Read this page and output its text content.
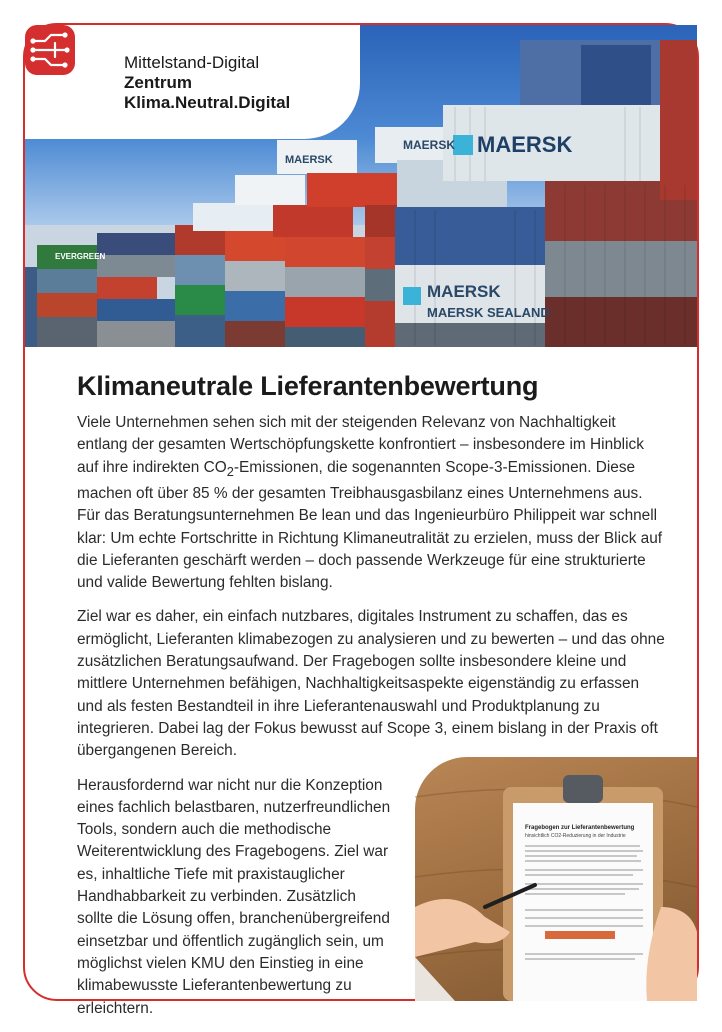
MAERSK
MAERSK
MAERSK
MAERSK
MAERSK SEALAND
EVERGREEN
Mittelstand-Digital
Zentrum
Klima.Neutral.Digital
Fragebogen zur Lieferantenbewertung
hinsichtlich CO2-Reduzierung in der Industrie
Klimaneutrale Lieferantenbewertung

Viele Unternehmen sehen sich mit der steigenden Relevanz von Nachhaltigkeit entlang der gesamten Wertschöpfungskette konfrontiert – insbesondere im Hinblick auf ihre indirekten $CO_2$-Emissionen, die sogenannten Scope-3-Emissionen. Diese machen oft über 85 % der gesamten Treibhausgasbilanz eines Unternehmens aus. Für das Beratungsunternehmen Be lean und das Ingenieurbüro Philippeit war schnell klar: Um echte Fortschritte in Richtung Klimaneutralität zu erzielen, muss der Blick auf die Lieferanten geschärft werden – doch passende Werkzeuge für eine strukturierte und valide Bewertung fehlten bislang.

Ziel war es daher, ein einfach nutzbares, digitales Instrument zu schaffen, das es ermöglicht, Lieferanten klimabezogen zu analysieren und zu bewerten – und das ohne zusätzlichen Beratungsaufwand. Der Fragebogen sollte insbesondere kleine und mittlere Unternehmen befähigen, Nachhaltigkeitsaspekte eigenständig zu erfassen und als festen Bestandteil in ihre Lieferantenauswahl und Produktplanung zu integrieren. Dabei lag der Fokus bewusst auf Scope 3, einem bislang in der Praxis oft übergangenen Bereich.

Herausfordernd war nicht nur die Konzeption eines fachlich belastbaren, nutzerfreundlichen Tools, sondern auch die methodische Weiterentwicklung des Fragebogens. Ziel war es, inhaltliche Tiefe mit praxistauglicher Handhabbarkeit zu verbinden. Zusätzlich sollte die Lösung offen, branchenübergreifend einsetzbar und öffentlich zugänglich sein, um möglichst vielen KMU den Einstieg in eine klimabewusste Lieferantenbewertung zu erleichtern.
